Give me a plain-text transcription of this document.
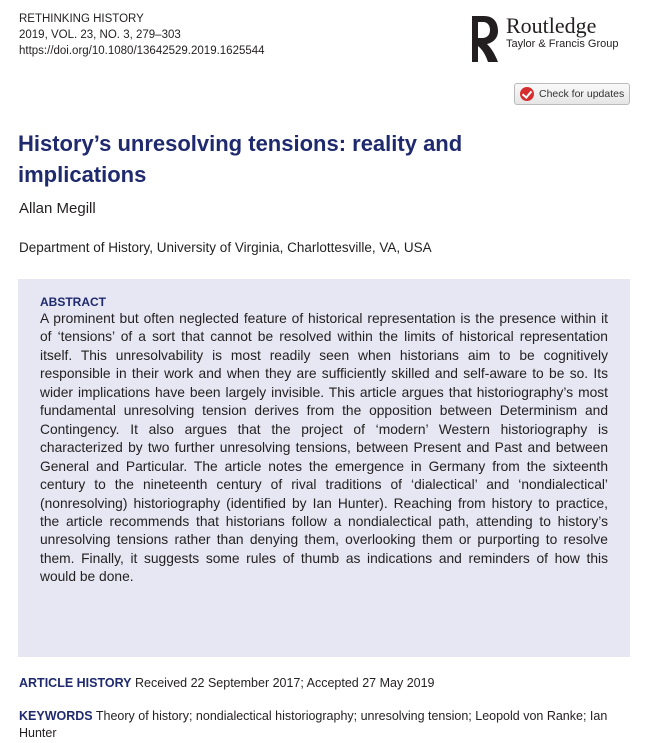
RETHINKING HISTORY
2019, VOL. 23, NO. 3, 279–303
https://doi.org/10.1080/13642529.2019.1625544
Routledge
Taylor & Francis Group
Check for updates
History’s unresolving tensions: reality and implications
Allan Megill
Department of History, University of Virginia, Charlottesville, VA, USA
ABSTRACT
A prominent but often neglected feature of historical representation is the presence within it of ‘tensions’ of a sort that cannot be resolved within the limits of historical representation itself. This unresolvability is most readily seen when historians aim to be cognitively responsible in their work and when they are sufficiently skilled and self-aware to be so. Its wider implications have been largely invisible. This article argues that historiography’s most fundamental unresolving tension derives from the opposition between Determinism and Contingency. It also argues that the project of ‘modern’ Western historiography is characterized by two further unresolving tensions, between Present and Past and between General and Particular. The article notes the emergence in Germany from the sixteenth century to the nineteenth century of rival traditions of ‘dialectical’ and ‘nondialectical’ (nonresolving) historiography (identified by Ian Hunter). Reaching from history to practice, the article recommends that historians follow a nondialectical path, attending to history’s unresolving tensions rather than denying them, overlooking them or purporting to resolve them. Finally, it suggests some rules of thumb as indications and reminders of how this would be done.
ARTICLE HISTORY Received 22 September 2017; Accepted 27 May 2019
KEYWORDS Theory of history; nondialectical historiography; unresolving tension; Leopold von Ranke; Ian Hunter
